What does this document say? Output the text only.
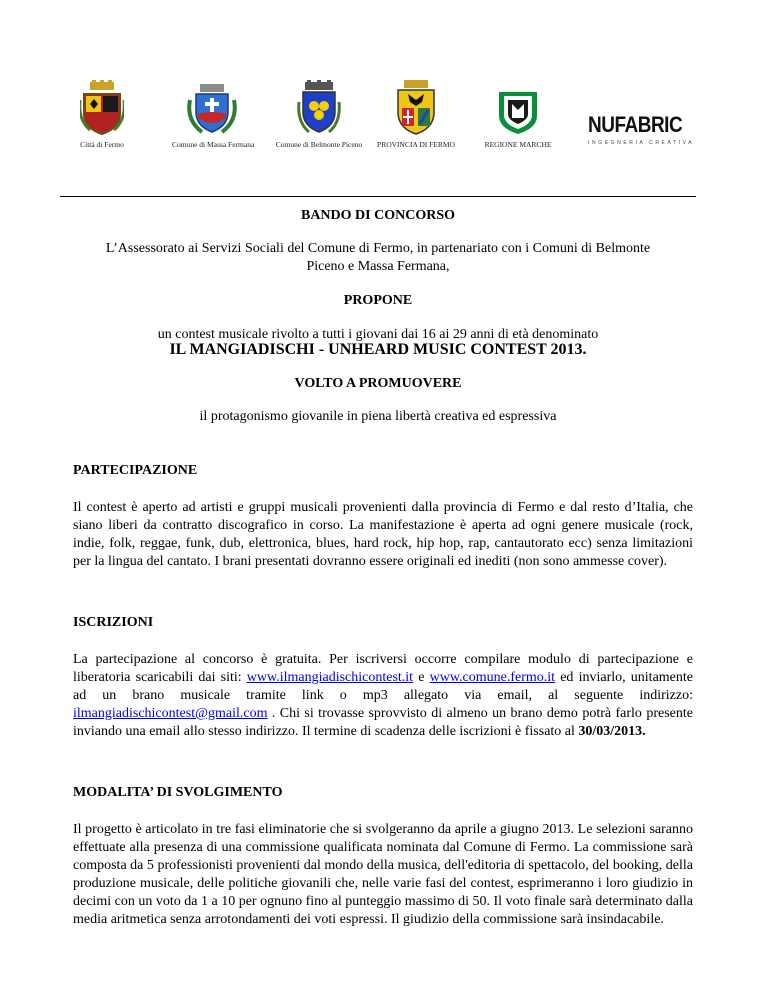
Città di Fermo	Comune di Massa Fermana	Comune di Belmonte Piceno PROVINCIA DI FERMO	REGIONE MARCHE
NUFABRIC
INGEGNERIA CREATIVA
BANDO DI CONCORSO
L’Assessorato ai Servizi Sociali del Comune di Fermo, in partenariato con i Comuni di Belmonte
Piceno e Massa Fermana,
PROPONE
un contest musicale rivolto a tutti i giovani dai 16 ai 29 anni di età denominato
IL MANGIADISCHI - UNHEARD MUSIC CONTEST 2013.
VOLTO A PROMUOVERE
il protagonismo giovanile in piena libertà creativa ed espressiva
PARTECIPAZIONE
Il contest è aperto ad artisti e gruppi musicali provenienti dalla provincia di Fermo e dal resto d’Italia, che siano liberi da contratto discografico in corso. La manifestazione è aperta ad ogni genere musicale (rock, indie, folk, reggae, funk, dub, elettronica, blues, hard rock, hip hop, rap, cantautorato ecc) senza limitazioni per la lingua del cantato. I brani presentati dovranno essere originali ed inediti (non sono ammesse cover).
ISCRIZIONI
La partecipazione al concorso è gratuita. Per iscriversi occorre compilare modulo di partecipazione e liberatoria scaricabili dai siti: www.ilmangiadischicontest.it e www.comune.fermo.it ed inviarlo, unitamente ad un brano musicale tramite link o mp3 allegato via email, al seguente indirizzo: ilmangiadischicontest@gmail.com . Chi si trovasse sprovvisto di almeno un brano demo potrà farlo presente inviando una email allo stesso indirizzo. Il termine di scadenza delle iscrizioni è fissato al 30/03/2013.
MODALITA’ DI SVOLGIMENTO
Il progetto è articolato in tre fasi eliminatorie che si svolgeranno da aprile a giugno 2013. Le selezioni saranno effettuate alla presenza di una commissione qualificata nominata dal Comune di Fermo. La commissione sarà composta da 5 professionisti provenienti dal mondo della musica, dell'editoria di spettacolo, del booking, della produzione musicale, delle politiche giovanili che, nelle varie fasi del contest, esprimeranno i loro giudizio in decimi con un voto da 1 a 10 per ognuno fino al punteggio massimo di 50. Il voto finale sarà determinato dalla media aritmetica senza arrotondamenti dei voti espressi. Il giudizio della commissione sarà insindacabile.
